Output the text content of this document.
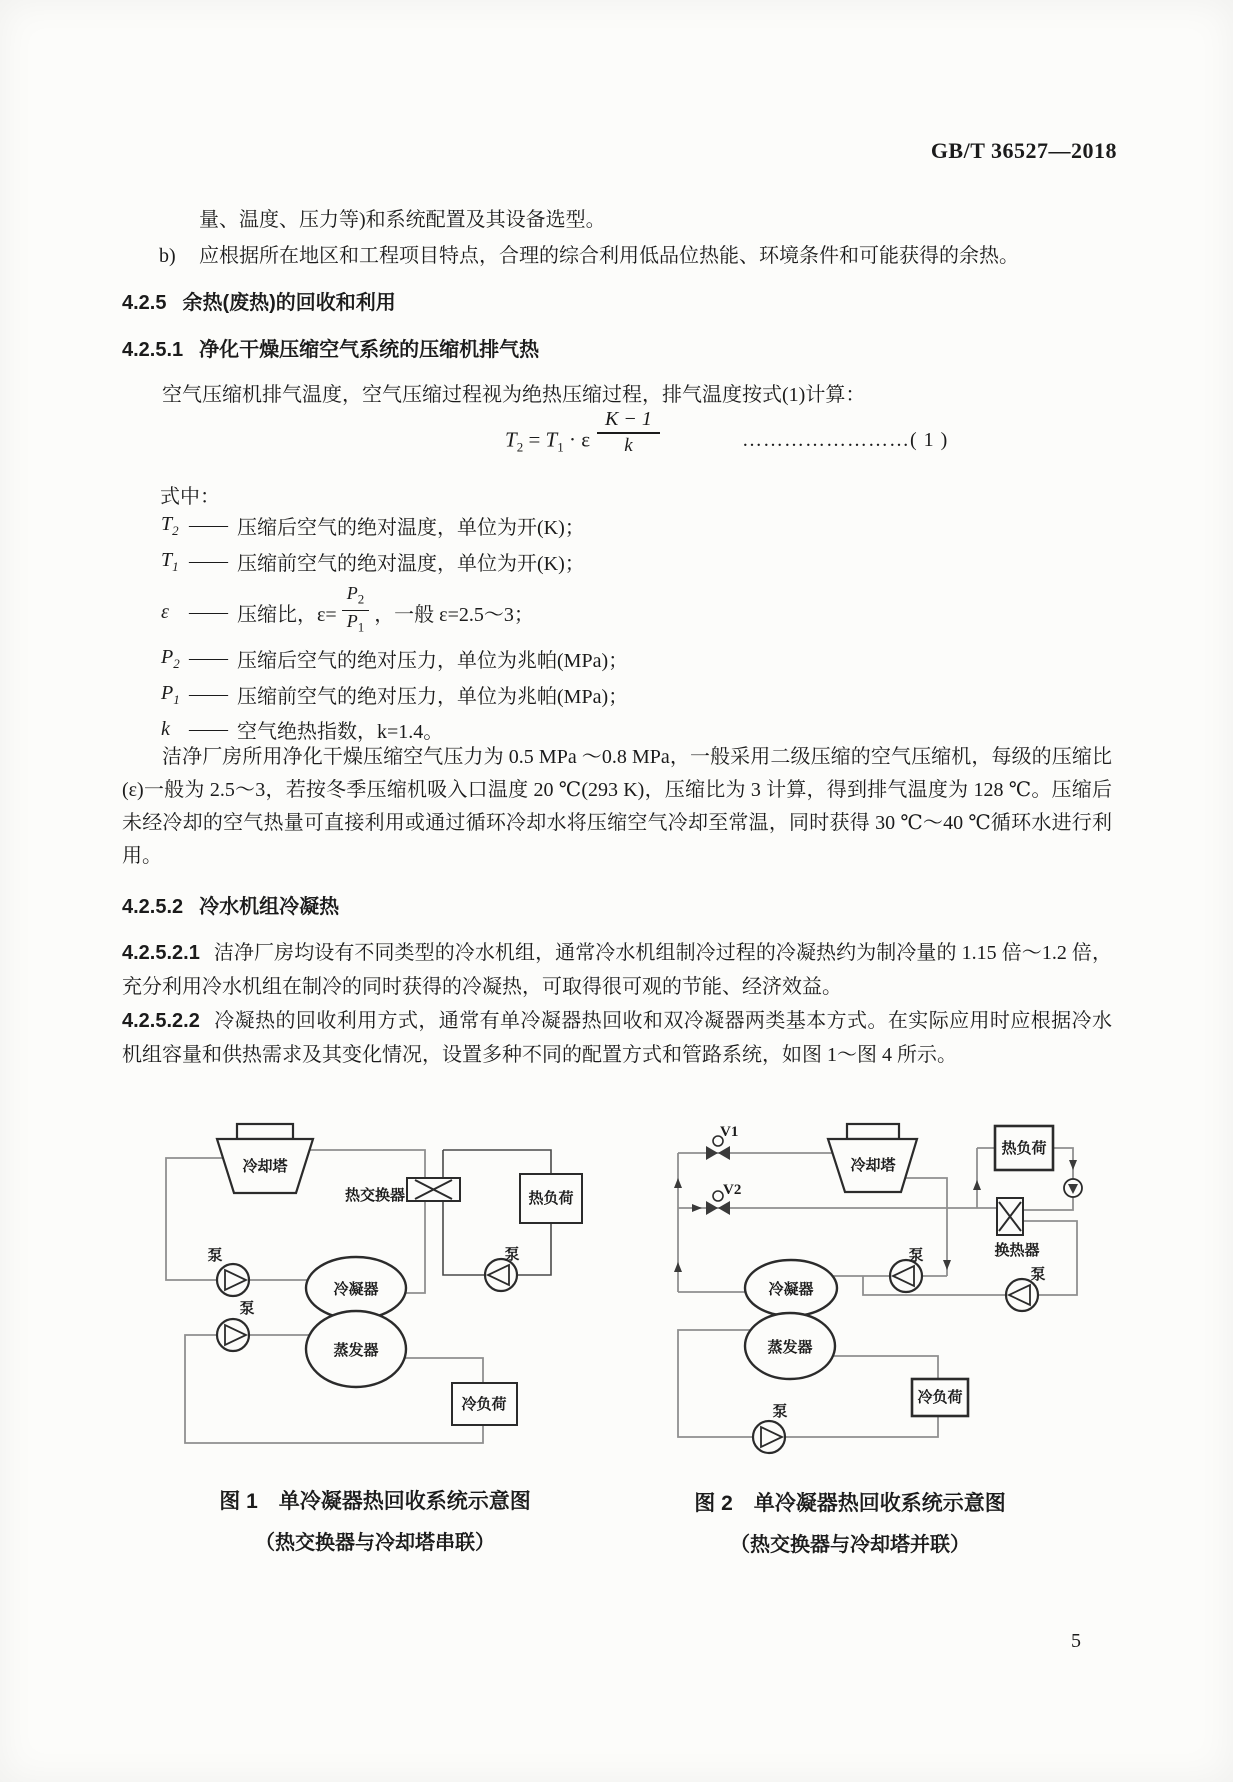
GB/T 36527—2018
量、温度、压力等)和系统配置及其设备选型。
b) 应根据所在地区和工程项目特点，合理的综合利用低品位热能、环境条件和可能获得的余热。
4.2.5 余热(废热)的回收和利用
4.2.5.1 净化干燥压缩空气系统的压缩机排气热
空气压缩机排气温度，空气压缩过程视为绝热压缩过程，排气温度按式(1)计算：
$T_2 = T_1 \cdot \varepsilon \frac{K - 1}{k}$	……………………( 1 )
式中：
$T_2$ —— 压缩后空气的绝对温度，单位为开(K)；
$T_1$ —— 压缩前空气的绝对温度，单位为开(K)；
ε	—— 压缩比，$\varepsilon= \frac{P_2}{P_1}$ ，一般 ε=2.5～3；
$P_2$ —— 压缩后空气的绝对压力，单位为兆帕(MPa)；
$P_1$ —— 压缩前空气的绝对压力，单位为兆帕(MPa)；
k —— 空气绝热指数，k=1.4。
洁净厂房所用净化干燥压缩空气压力为 0.5 MPa ～0.8 MPa，一般采用二级压缩的空气压缩机，每级的压缩比(ε)一般为 2.5～3，若按冬季压缩机吸入口温度 20 ℃(293 K)，压缩比为 3 计算，得到排气温度为 128 ℃。压缩后未经冷却的空气热量可直接利用或通过循环冷却水将压缩空气冷却至常温，同时获得 30 ℃～40 ℃循环水进行利用。
4.2.5.2 冷水机组冷凝热
4.2.5.2.1 洁净厂房均设有不同类型的冷水机组，通常冷水机组制冷过程的冷凝热约为制冷量的 1.15 倍～1.2 倍，充分利用冷水机组在制冷的同时获得的冷凝热，可取得很可观的节能、经济效益。
4.2.5.2.2 冷凝热的回收利用方式，通常有单冷凝器热回收和双冷凝器两类基本方式。在实际应用时应根据冷水机组容量和供热需求及其变化情况，设置多种不同的配置方式和管路系统，如图 1～图 4 所示。
冷却塔
热交换器	热负荷
泵
泵
泵
冷凝器
蒸发器
冷负荷
V1
V2
冷却塔
热负荷
换热器
泵
泵
泵
冷凝器
蒸发器
冷负荷
图 1　单冷凝器热回收系统示意图
（热交换器与冷却塔串联）
图 2　单冷凝器热回收系统示意图
（热交换器与冷却塔并联）
5
